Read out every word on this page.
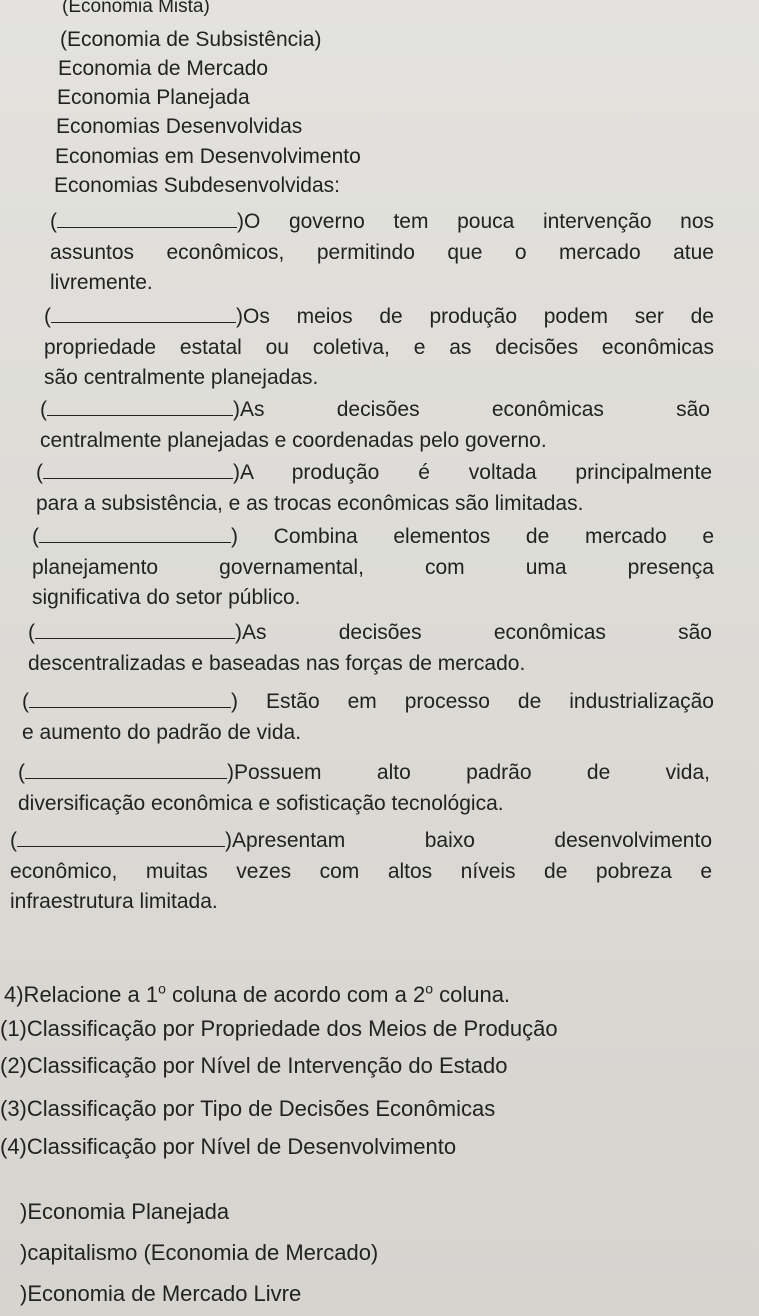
(Economia Mista)
(Economia de Subsistência)
Economia de Mercado
Economia Planejada
Economias Desenvolvidas
Economias em Desenvolvimento
Economias Subdesenvolvidas:
(	)O governo tem pouca intervenção nos
assuntos econômicos, permitindo que o mercado atue
livremente.
(	)Os meios de produção podem ser de
propriedade estatal ou coletiva, e as decisões econômicas
são centralmente planejadas.
(	)As decisões econômicas são
centralmente planejadas e coordenadas pelo governo.
(	)A produção é voltada principalmente
para a subsistência, e as trocas econômicas são limitadas.
(	) Combina elementos de mercado e
planejamento governamental, com uma presença
significativa do setor público.
(	)As decisões econômicas são
descentralizadas e baseadas nas forças de mercado.
(	) Estão em processo de industrialização
e aumento do padrão de vida.
(	)Possuem alto padrão de vida,
diversificação econômica e sofisticação tecnológica.
(	)Apresentam baixo desenvolvimento
econômico, muitas vezes com altos níveis de pobreza e
infraestrutura limitada.
4)Relacione a 1$^o$ coluna de acordo com a 2$^o$ coluna.
(1)Classificação por Propriedade dos Meios de Produção
(2)Classificação por Nível de Intervenção do Estado
(3)Classificação por Tipo de Decisões Econômicas
(4)Classificação por Nível de Desenvolvimento
)Economia Planejada
)capitalismo (Economia de Mercado)
)Economia de Mercado Livre
